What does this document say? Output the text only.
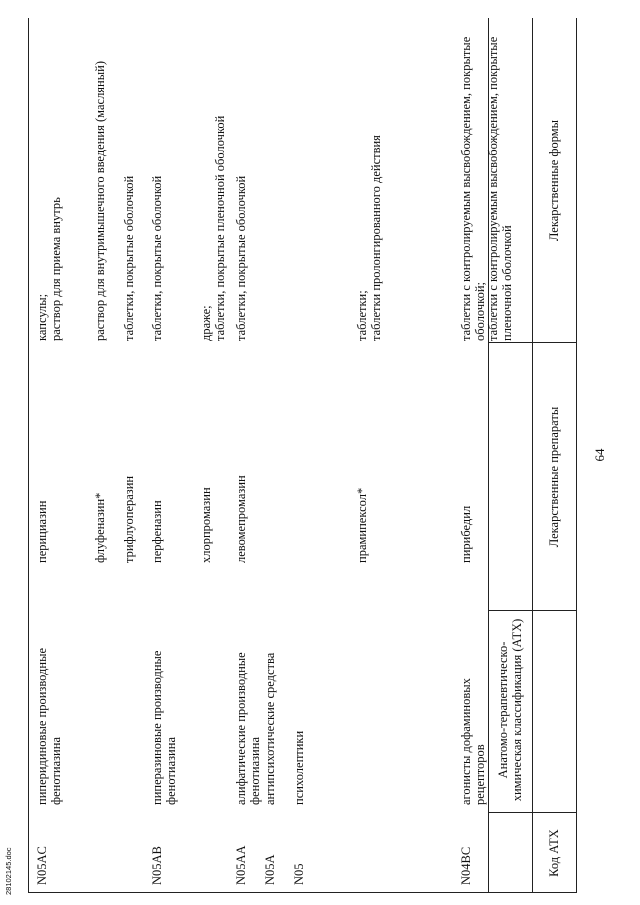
64
28102145.doc	Код АТХ
Анатомо-терапевтическо-химическая классификация (АТХ)
Лекарственные препараты
Лекарственные формы
N04BC
агонисты дофаминовых рецепторов
пирибедил
таблетки с контролируемым высвобождением, покрытые оболочкой;
таблетки с контролируемым высвобождением, покрытые пленочной оболочкой
прамипексол*
таблетки;
таблетки пролонгированного действия
N05
психолептики
N05A
антипсихотические средства
N05AA
алифатические производные фенотиазина
левомепромазин
таблетки, покрытые оболочкой
хлорпромазин
драже;
таблетки, покрытые пленочной оболочкой
N05AB
пиперазиновые производные фенотиазина
перфеназин
таблетки, покрытые оболочкой
трифлуоперазин
таблетки, покрытые оболочкой
флуфеназин*
раствор для внутримышечного введения (масляный)
N05AC
пиперидиновые производные фенотиазина
перициазин
капсулы;
раствор для приема внутрь
